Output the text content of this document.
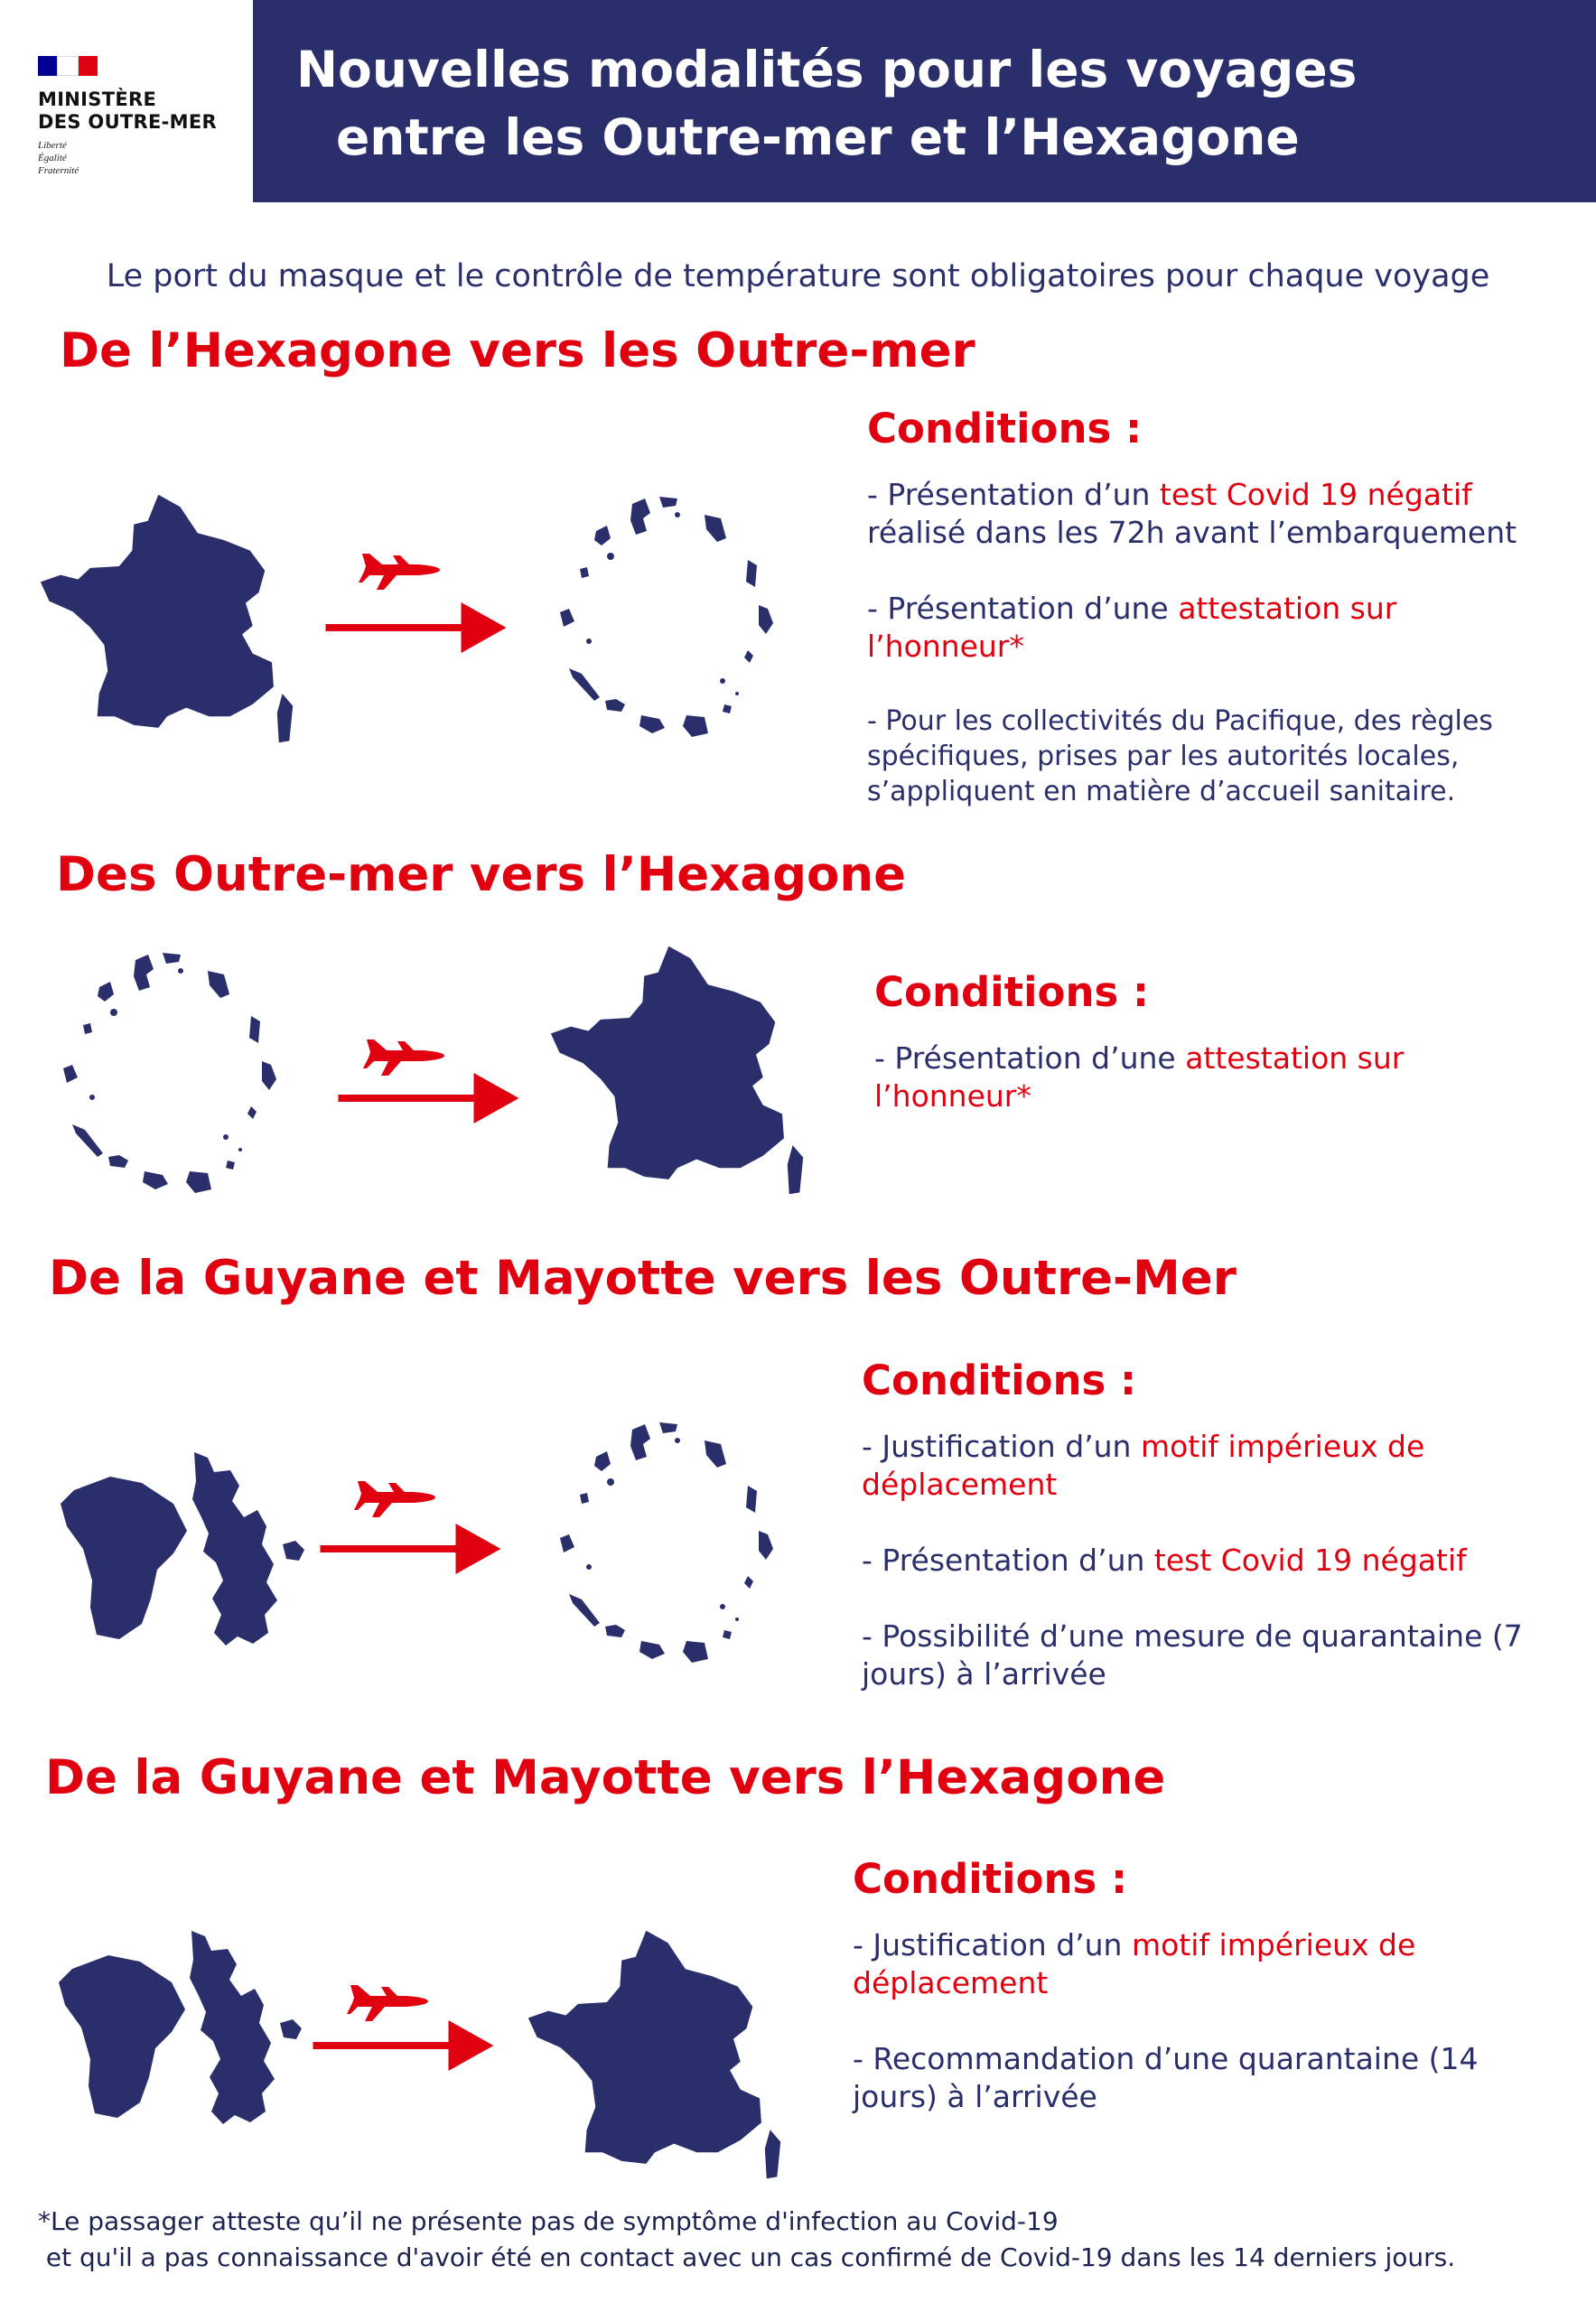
MINISTÈRE
DES OUTRE-MER
Liberté
Égalité
Fraternité
Nouvelles modalités pour les voyages
entre les Outre-mer et l’Hexagone
Le port du masque et le contrôle de température sont obligatoires pour chaque voyage
De l’Hexagone vers les Outre-mer
Conditions :
- Présentation d’un test Covid 19 négatif réalisé dans les 72h avant l’embarquement
- Présentation d’une attestation sur l’honneur*
- Pour les collectivités du Pacifique, des règles spécifiques, prises par les autorités locales, s’appliquent en matière d’accueil sanitaire.
Des Outre-mer vers l’Hexagone
Conditions :
- Présentation d’une attestation sur l’honneur*
De la Guyane et Mayotte vers les Outre-Mer
Conditions :
- Justification d’un motif impérieux de déplacement
- Présentation d’un test Covid 19 négatif
- Possibilité d’une mesure de quarantaine (7 jours) à l’arrivée
De la Guyane et Mayotte vers l’Hexagone
Conditions :
- Justification d’un motif impérieux de déplacement
- Recommandation d’une quarantaine (14 jours) à l’arrivée
*Le passager atteste qu’il ne présente pas de symptôme d'infection au Covid-19
et qu'il a pas connaissance d'avoir été en contact avec un cas confirmé de Covid-19 dans les 14 derniers jours.
